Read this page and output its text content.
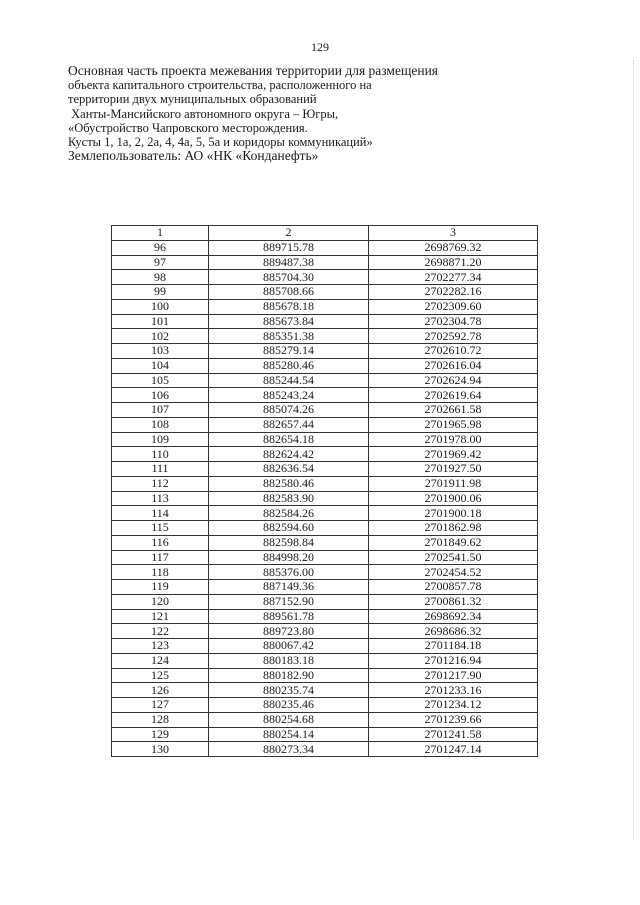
129
Основная часть проекта межевания территории для размещения
объекта капитального строительства, расположенного на
территории двух муниципальных образований
Ханты-Мансийского автономного округа – Югры,
«Обустройство Чапровского месторождения.
Кусты 1, 1а, 2, 2а, 4, 4а, 5, 5а и коридоры коммуникаций»
Землепользователь: АО «НК «Конданефть»
1	2	3
96	889715.78	2698769.32
97	889487.38	2698871.20
98	885704.30	2702277.34
99	885708.66	2702282.16
100	885678.18	2702309.60
101	885673.84	2702304.78
102	885351.38	2702592.78
103	885279.14	2702610.72
104	885280.46	2702616.04
105	885244.54	2702624.94
106	885243.24	2702619.64
107	885074.26	2702661.58
108	882657.44	2701965.98
109	882654.18	2701978.00
110	882624.42	2701969.42
111	882636.54	2701927.50
112	882580.46	2701911.98
113	882583.90	2701900.06
114	882584.26	2701900.18
115	882594.60	2701862.98
116	882598.84	2701849.62
117	884998.20	2702541.50
118	885376.00	2702454.52
119	887149.36	2700857.78
120	887152.90	2700861.32
121	889561.78	2698692.34
122	889723.80	2698686.32
123	880067.42	2701184.18
124	880183.18	2701216.94
125	880182.90	2701217.90
126	880235.74	2701233.16
127	880235.46	2701234.12
128	880254.68	2701239.66
129	880254.14	2701241.58
130	880273.34	2701247.14
